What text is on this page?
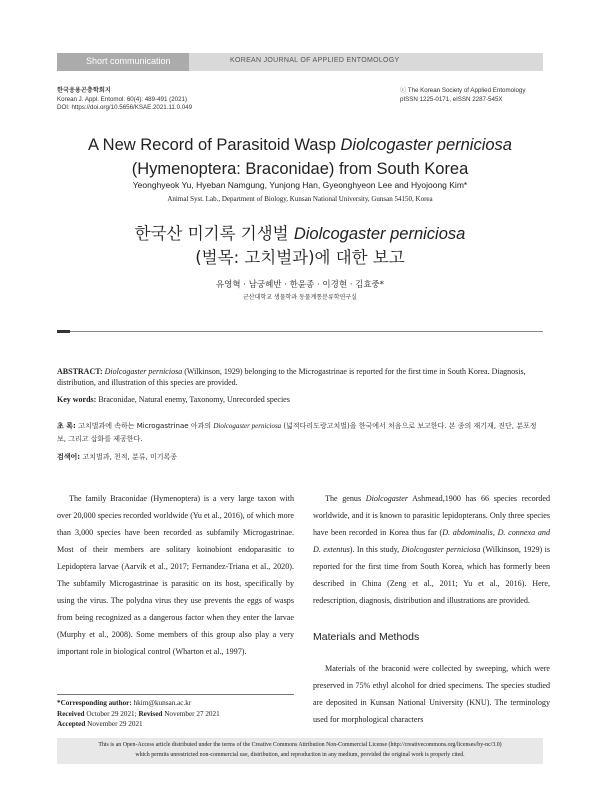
Short communication	KOREAN JOURNAL OF APPLIED ENTOMOLOGY
한국응용곤충학회지
Korean J. Appl. Entomol. 60(4): 489-491 (2021)
DOI: https://doi.org/10.5656/KSAE.2021.11.0.049
ⓒ The Korean Society of Applied Entomology
pISSN 1225-0171, eISSN 2287-545X
A New Record of Parasitoid Wasp Diolcogaster perniciosa (Hymenoptera: Braconidae) from South Korea
Yeonghyeok Yu, Hyeban Namgung, Yunjong Han, Gyeonghyeon Lee and Hyojoong Kim*
Animal Syst. Lab., Department of Biology, Kunsan National University, Gunsan 54150, Korea
한국산 미기록 기생벌 Diolcogaster perniciosa
(벌목: 고치벌과)에 대한 보고
유영혁 · 남궁혜반 · 한윤종 · 이경현 · 김효중*
군산대학교 생물학과 동물계통분류학연구실
ABSTRACT: Diolcogaster perniciosa (Wilkinson, 1929) belonging to the Microgastrinae is reported for the first time in South Korea. Diagnosis, distribution, and illustration of this species are provided.
Key words: Braconidae, Natural enemy, Taxonomy, Unrecorded species
초 록: 고치벌과에 속하는 Microgastrinae 아과의 Diolcogaster perniciosa (넓적다리도랑고치벌)을 한국에서 처음으로 보고한다. 본 종의 재기재, 진단, 분포정보, 그리고 삽화를 제공한다.
검색어: 고치벌과, 천적, 분류, 미기록종

The family Braconidae (Hymenoptera) is a very large taxon with over 20,000 species recorded worldwide (Yu et al., 2016), of which more than 3,000 species have been recorded as subfamily Microgastrinae. Most of their members are solitary koinobiont endoparasitic to Lepidoptera larvae (Aarvik et al., 2017; Fernandez-Triana et al., 2020). The subfamily Microgastrinae is parasitic on its host, specifically by using the virus. The polydna virus they use prevents the eggs of wasps from being recognized as a dangerous factor when they enter the larvae (Murphy et al., 2008). Some members of this group also play a very important role in biological control (Wharton et al., 1997).

The genus Diolcogaster Ashmead,1900 has 66 species recorded worldwide, and it is known to parasitic lepidopterans. Only three species have been recorded in Korea thus far (D. abdominalis, D. connexa and D. extentus). In this study, Diolcogaster perniciosa (Wilkinson, 1929) is reported for the first time from South Korea, which has formerly been described in China (Zeng et al., 2011; Yu et al., 2016). Here, redescription, diagnosis, distribution and illustrations are provided.

Materials and Methods

Materials of the braconid were collected by sweeping, which were preserved in 75% ethyl alcohol for dried specimens. The species studied are deposited in Kunsan National University (KNU). The terminology used for morphological characters

*Corresponding author: hkim@kunsan.ac.kr
Received October 29 2021; Revised November 27 2021
Accepted November 29 2021
This is an Open-Access article distributed under the terms of the Creative Commons Attribution Non-Commercial License (http://creativecommons.org/licenses/by-nc/3.0)
which permits unrestricted non-commercial use, distribution, and reproduction in any medium, provided the original work is properly cited.
